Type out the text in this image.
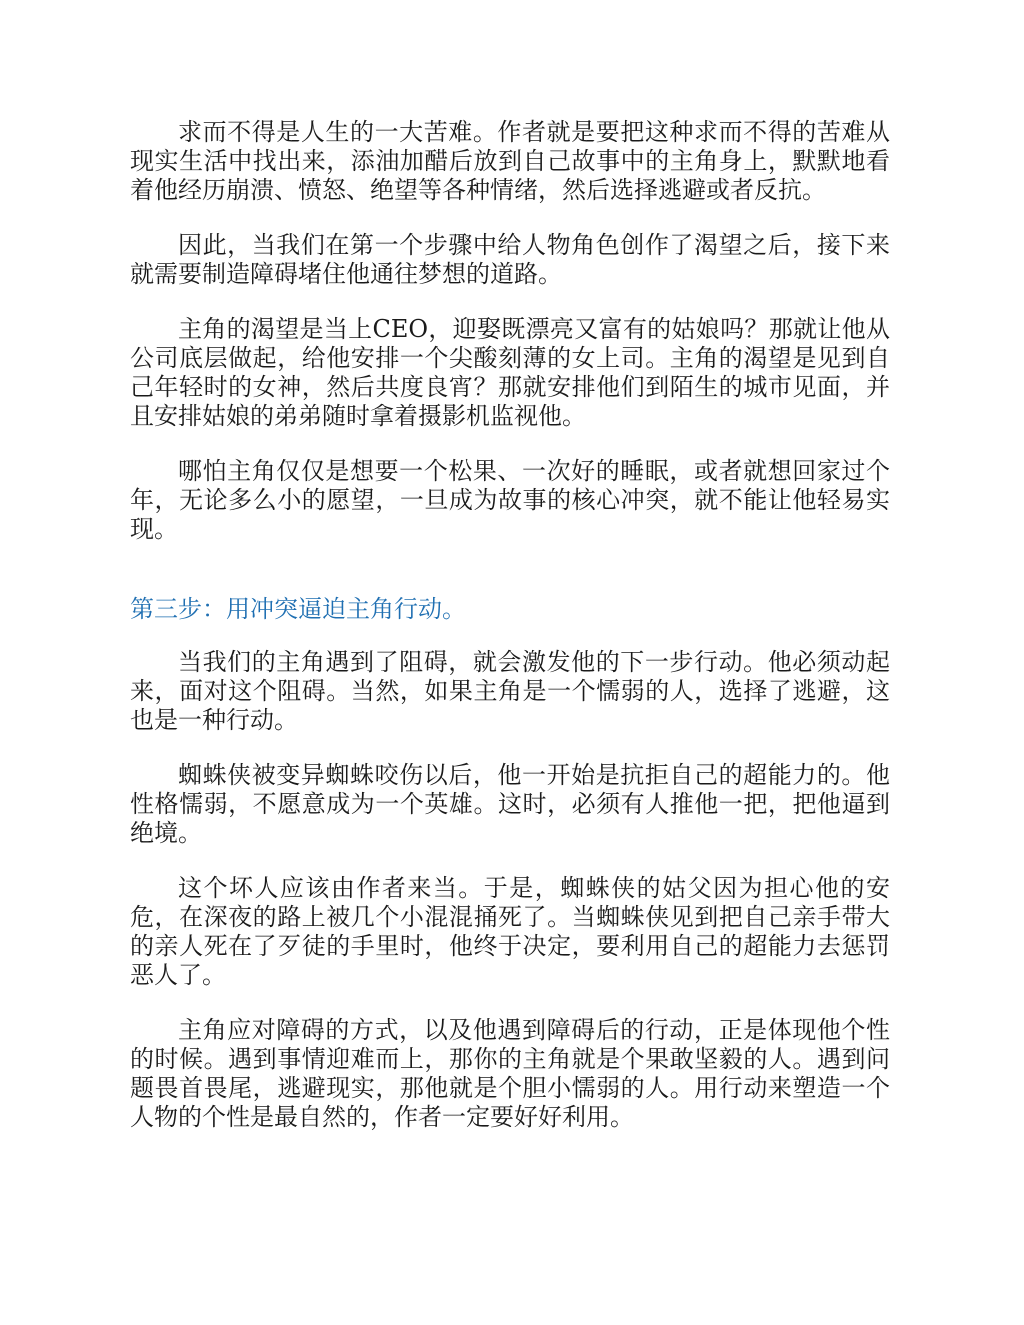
求而不得是人生的一大苦难。作者就是要把这种求而不得的苦难从现实生活中找出来，添油加醋后放到自己故事中的主角身上，默默地看着他经历崩溃、愤怒、绝望等各种情绪，然后选择逃避或者反抗。

因此，当我们在第一个步骤中给人物角色创作了渴望之后，接下来就需要制造障碍堵住他通往梦想的道路。

主角的渴望是当上CEO，迎娶既漂亮又富有的姑娘吗？那就让他从公司底层做起，给他安排一个尖酸刻薄的女上司。主角的渴望是见到自己年轻时的女神，然后共度良宵？那就安排他们到陌生的城市见面，并且安排姑娘的弟弟随时拿着摄影机监视他。

哪怕主角仅仅是想要一个松果、一次好的睡眠，或者就想回家过个年，无论多么小的愿望，一旦成为故事的核心冲突，就不能让他轻易实现。

第三步：用冲突逼迫主角行动。

当我们的主角遇到了阻碍，就会激发他的下一步行动。他必须动起来，面对这个阻碍。当然，如果主角是一个懦弱的人，选择了逃避，这也是一种行动。

蜘蛛侠被变异蜘蛛咬伤以后，他一开始是抗拒自己的超能力的。他性格懦弱，不愿意成为一个英雄。这时，必须有人推他一把，把他逼到绝境。

这个坏人应该由作者来当。于是，蜘蛛侠的姑父因为担心他的安危，在深夜的路上被几个小混混捅死了。当蜘蛛侠见到把自己亲手带大的亲人死在了歹徒的手里时，他终于决定，要利用自己的超能力去惩罚恶人了。

主角应对障碍的方式，以及他遇到障碍后的行动，正是体现他个性的时候。遇到事情迎难而上，那你的主角就是个果敢坚毅的人。遇到问题畏首畏尾，逃避现实，那他就是个胆小懦弱的人。用行动来塑造一个人物的个性是最自然的，作者一定要好好利用。
